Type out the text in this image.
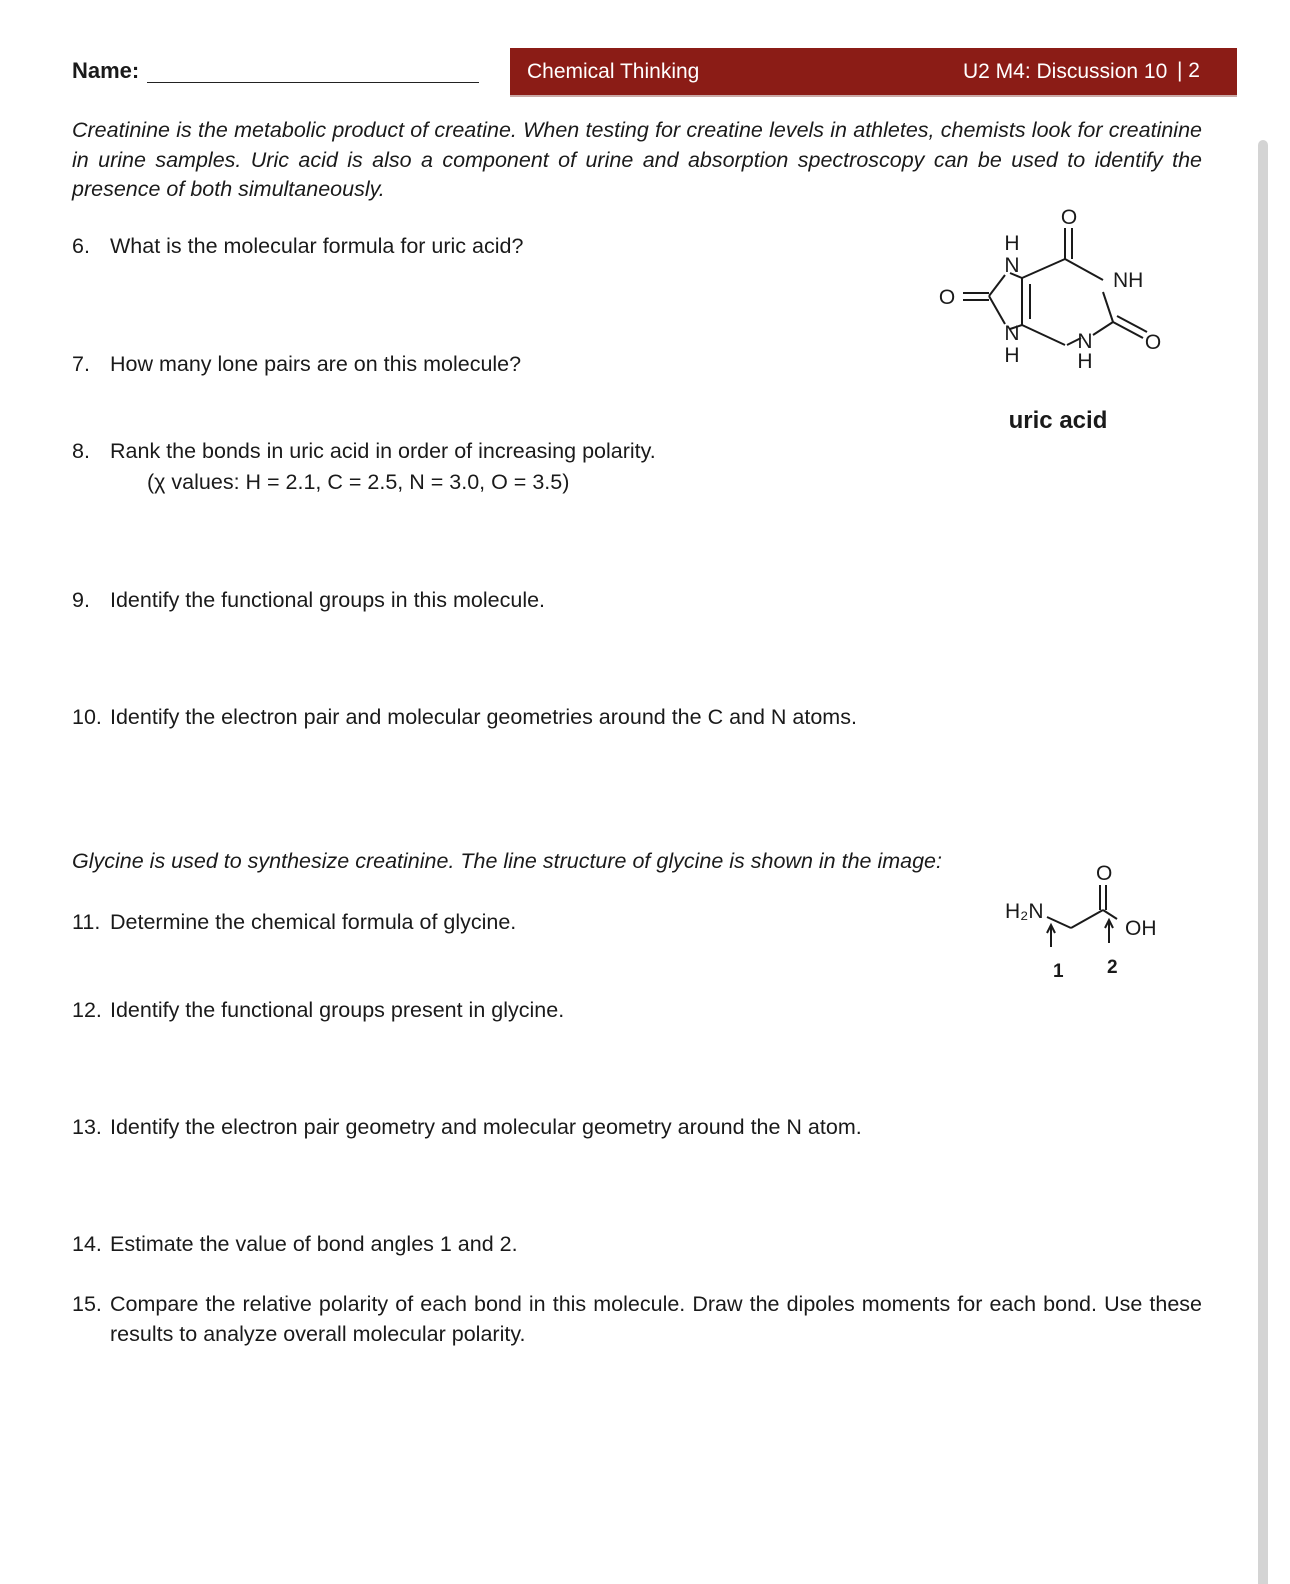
Name:	Chemical Thinking	U2 M4: Discussion 10 | 2
Creatinine is the metabolic product of creatine. When testing for creatine levels in athletes, chemists look for creatinine in urine samples. Uric acid is also a component of urine and absorption spectroscopy can be used to identify the presence of both simultaneously.
6. What is the molecular formula for uric acid?
7. How many lone pairs are on this molecule?
8. Rank the bonds in uric acid in order of increasing polarity.
(χ values: H = 2.1, C = 2.5, N = 3.0, O = 3.5)
9. Identify the functional groups in this molecule.
10. Identify the electron pair and molecular geometries around the C and N atoms.
Glycine is used to synthesize creatinine. The line structure of glycine is shown in the image:
11. Determine the chemical formula of glycine.
12. Identify the functional groups present in glycine.
13. Identify the electron pair geometry and molecular geometry around the N atom.
14. Estimate the value of bond angles 1 and 2.
15. Compare the relative polarity of each bond in this molecule. Draw the dipoles moments for each bond. Use these results to analyze overall molecular polarity.
O
NH
O
O
H
N
N
H
N
H
uric acid
H₂N
O
OH
1 2
